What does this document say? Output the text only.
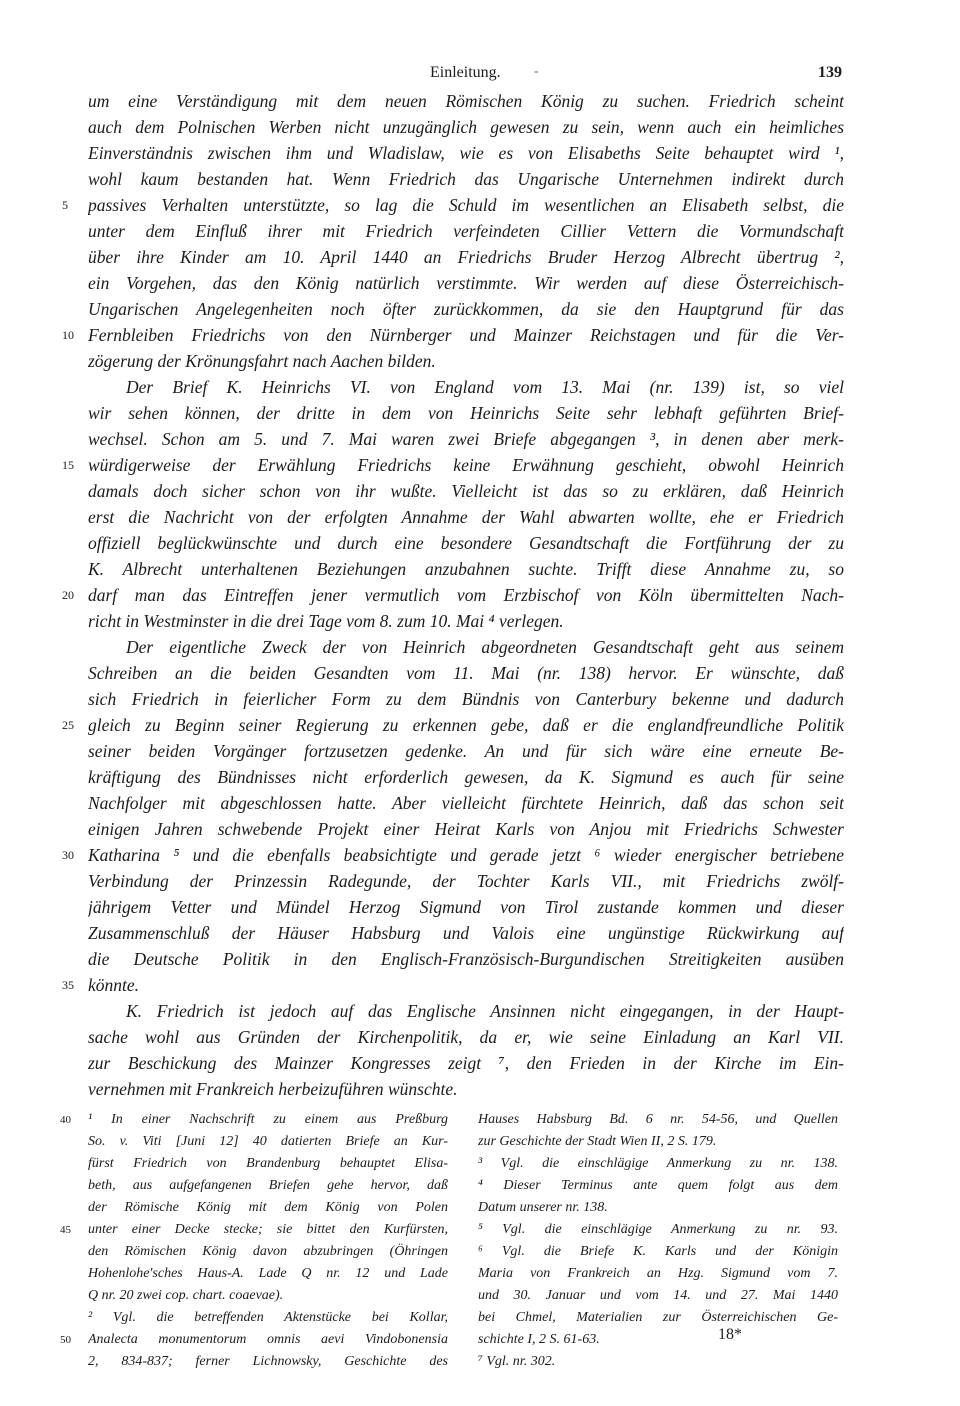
Einleitung. -	139
um eine Verständigung mit dem neuen Römischen König zu suchen. Friedrich scheint
auch dem Polnischen Werben nicht unzugänglich gewesen zu sein, wenn auch ein heimliches
Einverständnis zwischen ihm und Wladislaw, wie es von Elisabeths Seite behauptet wird ¹,
wohl kaum bestanden hat. Wenn Friedrich das Ungarische Unternehmen indirekt durch
passives Verhalten unterstützte, so lag die Schuld im wesentlichen an Elisabeth selbst, die
unter dem Einfluß ihrer mit Friedrich verfeindeten Cillier Vettern die Vormundschaft
über ihre Kinder am 10. April 1440 an Friedrichs Bruder Herzog Albrecht übertrug ²,
ein Vorgehen, das den König natürlich verstimmte. Wir werden auf diese Österreichisch-
Ungarischen Angelegenheiten noch öfter zurückkommen, da sie den Hauptgrund für das
Fernbleiben Friedrichs von den Nürnberger und Mainzer Reichstagen und für die Ver-
zögerung der Krönungsfahrt nach Aachen bilden.
Der Brief K. Heinrichs VI. von England vom 13. Mai (nr. 139) ist, so viel
wir sehen können, der dritte in dem von Heinrichs Seite sehr lebhaft geführten Brief-
wechsel. Schon am 5. und 7. Mai waren zwei Briefe abgegangen ³, in denen aber merk-
würdigerweise der Erwählung Friedrichs keine Erwähnung geschieht, obwohl Heinrich
damals doch sicher schon von ihr wußte. Vielleicht ist das so zu erklären, daß Heinrich
erst die Nachricht von der erfolgten Annahme der Wahl abwarten wollte, ehe er Friedrich
offiziell beglückwünschte und durch eine besondere Gesandtschaft die Fortführung der zu
K. Albrecht unterhaltenen Beziehungen anzubahnen suchte. Trifft diese Annahme zu, so
darf man das Eintreffen jener vermutlich vom Erzbischof von Köln übermittelten Nach-
richt in Westminster in die drei Tage vom 8. zum 10. Mai ⁴ verlegen.
Der eigentliche Zweck der von Heinrich abgeordneten Gesandtschaft geht aus seinem
Schreiben an die beiden Gesandten vom 11. Mai (nr. 138) hervor. Er wünschte, daß
sich Friedrich in feierlicher Form zu dem Bündnis von Canterbury bekenne und dadurch
gleich zu Beginn seiner Regierung zu erkennen gebe, daß er die englandfreundliche Politik
seiner beiden Vorgänger fortzusetzen gedenke. An und für sich wäre eine erneute Be-
kräftigung des Bündnisses nicht erforderlich gewesen, da K. Sigmund es auch für seine
Nachfolger mit abgeschlossen hatte. Aber vielleicht fürchtete Heinrich, daß das schon seit
einigen Jahren schwebende Projekt einer Heirat Karls von Anjou mit Friedrichs Schwester
Katharina ⁵ und die ebenfalls beabsichtigte und gerade jetzt ⁶ wieder energischer betriebene
Verbindung der Prinzessin Radegunde, der Tochter Karls VII., mit Friedrichs zwölf-
jährigem Vetter und Mündel Herzog Sigmund von Tirol zustande kommen und dieser
Zusammenschluß der Häuser Habsburg und Valois eine ungünstige Rückwirkung auf
die Deutsche Politik in den Englisch-Französisch-Burgundischen Streitigkeiten ausüben
könnte.
K. Friedrich ist jedoch auf das Englische Ansinnen nicht eingegangen, in der Haupt-
sache wohl aus Gründen der Kirchenpolitik, da er, wie seine Einladung an Karl VII.
zur Beschickung des Mainzer Kongresses zeigt ⁷, den Frieden in der Kirche im Ein-
vernehmen mit Frankreich herbeizuführen wünschte.
5
10
15
20
25
30
35
¹ In einer Nachschrift zu einem aus Preßburg
So. v. Viti [Juni 12] 40 datierten Briefe an Kur-
fürst Friedrich von Brandenburg behauptet Elisa-
beth, aus aufgefangenen Briefen gehe hervor, daß
der Römische König mit dem König von Polen
unter einer Decke stecke; sie bittet den Kurfürsten,
den Römischen König davon abzubringen (Öhringen
Hohenlohe'sches Haus-A. Lade Q nr. 12 und Lade
Q nr. 20 zwei cop. chart. coaevae).
² Vgl. die betreffenden Aktenstücke bei Kollar,
Analecta monumentorum omnis aevi Vindobonensia
2, 834-837; ferner Lichnowsky, Geschichte des
40
45
50
Hauses Habsburg Bd. 6 nr. 54-56, und Quellen
zur Geschichte der Stadt Wien II, 2 S. 179.
³ Vgl. die einschlägige Anmerkung zu nr. 138.
⁴ Dieser Terminus ante quem folgt aus dem
Datum unserer nr. 138.
⁵ Vgl. die einschlägige Anmerkung zu nr. 93.
⁶ Vgl. die Briefe K. Karls und der Königin
Maria von Frankreich an Hzg. Sigmund vom 7.
und 30. Januar und vom 14. und 27. Mai 1440
bei Chmel, Materialien zur Österreichischen Ge-
schichte I, 2 S. 61-63.
⁷ Vgl. nr. 302.
18*
